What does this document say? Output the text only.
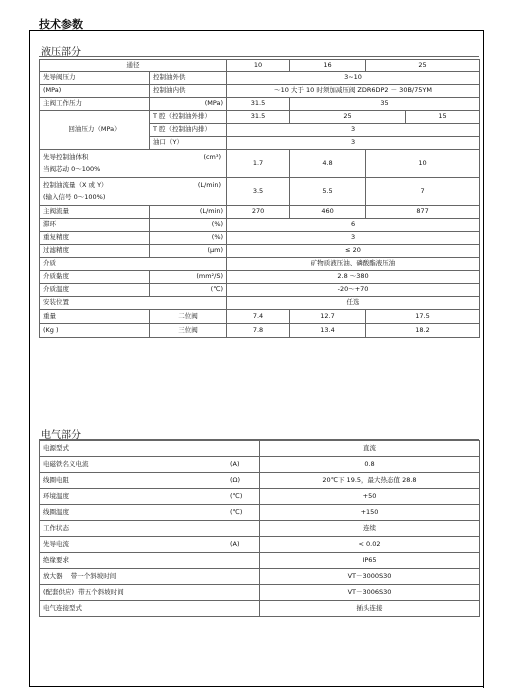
技术参数
液压部分
通径		10	16	25	
先导阀压力	控制油外供	3~10				
(MPa)	控制油内供	～10 大于 10 时须加减压阀 ZDR6DP2 － 30B/75YM				
主阀工作压力	(MPa)	31.5	35			
回油压力（MPa）	T 腔（控制油外排）	31.5	25		15	
	T 腔（控制油内排）	3				
	油口（Y）	3				

先导控制油体积 (cm³)
当阀芯动 0～100%		1.7	4.8	10	

控制油流量（X 或 Y） (L/min)
(输入信号 0～100%)		3.5	5.5	7	
主阀流量	(L/min)	270	460	877	
滞环	(%)	6				
重复精度	(%)	3				
过滤精度	(μm)	≤ 20				
介质		矿物质液压油、磷酸酯液压油				
介质黏度	(mm²/S)	2.8 ～380				
介质温度	(℃)	-20～+70				
安装位置		任选				
重量	二位阀	7.4	12.7	17.5	
(Kg )	三位阀	7.8	13.4	18.2	
电气部分
电源型式	直流
电磁铁名义电流 (A)	0.8
线圈电阻 (Ω)	20℃下 19.5，最大热态值 28.8
环境温度 (℃)	+50
线圈温度 (℃)	+150
工作状态	连续
先导电流 (A)	< 0.02
绝缘要求	IP65
放大器    带一个斜坡时间	VT－3000S30
(配套供应)  带五个斜坡时间	VT－3006S30
电气连接型式	插头连接
